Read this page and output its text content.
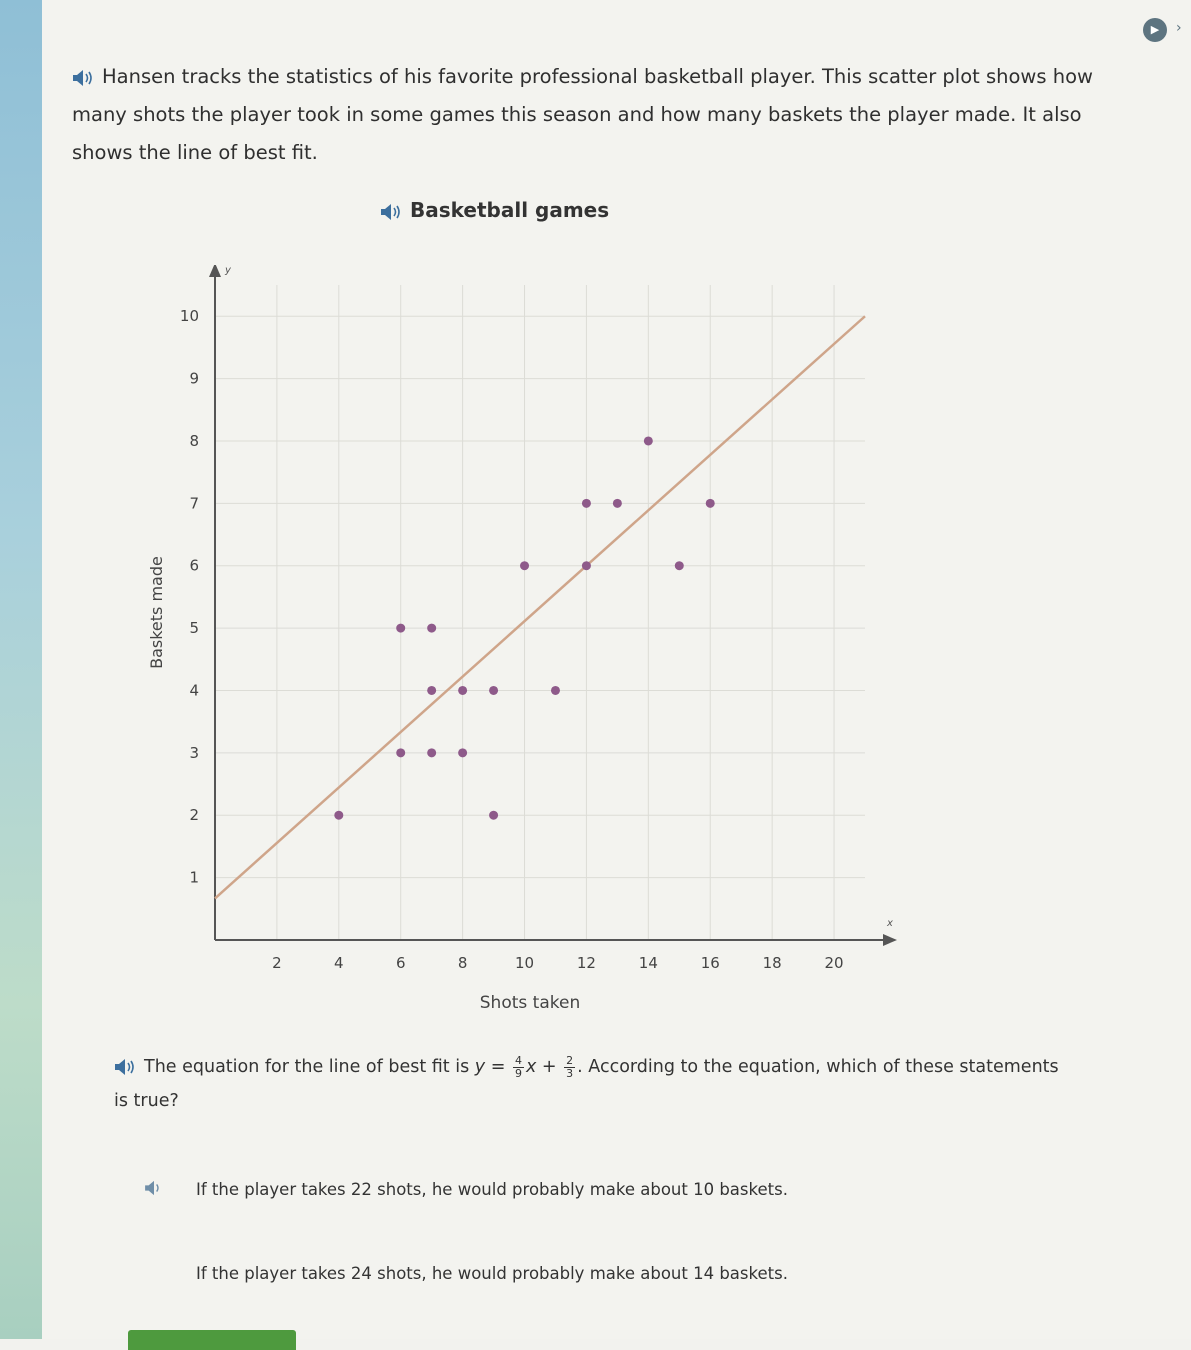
▶	›
Hansen tracks the statistics of his favorite professional basketball player. This scatter plot shows how many shots the player took in some games this season and how many baskets the player made. It also shows the line of best fit.
Basketball games
x
y
2	4	6	8	10	12	14	16	18	20
1
2
3
4
5
6
7
8
9
10
Shots taken
Baskets made
The equation for the line of best fit is $y = \frac{4}{9}$ $x + \frac{2}{3}$ . According to the equation, which of these statements is true?
If the player takes 22 shots, he would probably make about 10 baskets.
If the player takes 24 shots, he would probably make about 14 baskets.
